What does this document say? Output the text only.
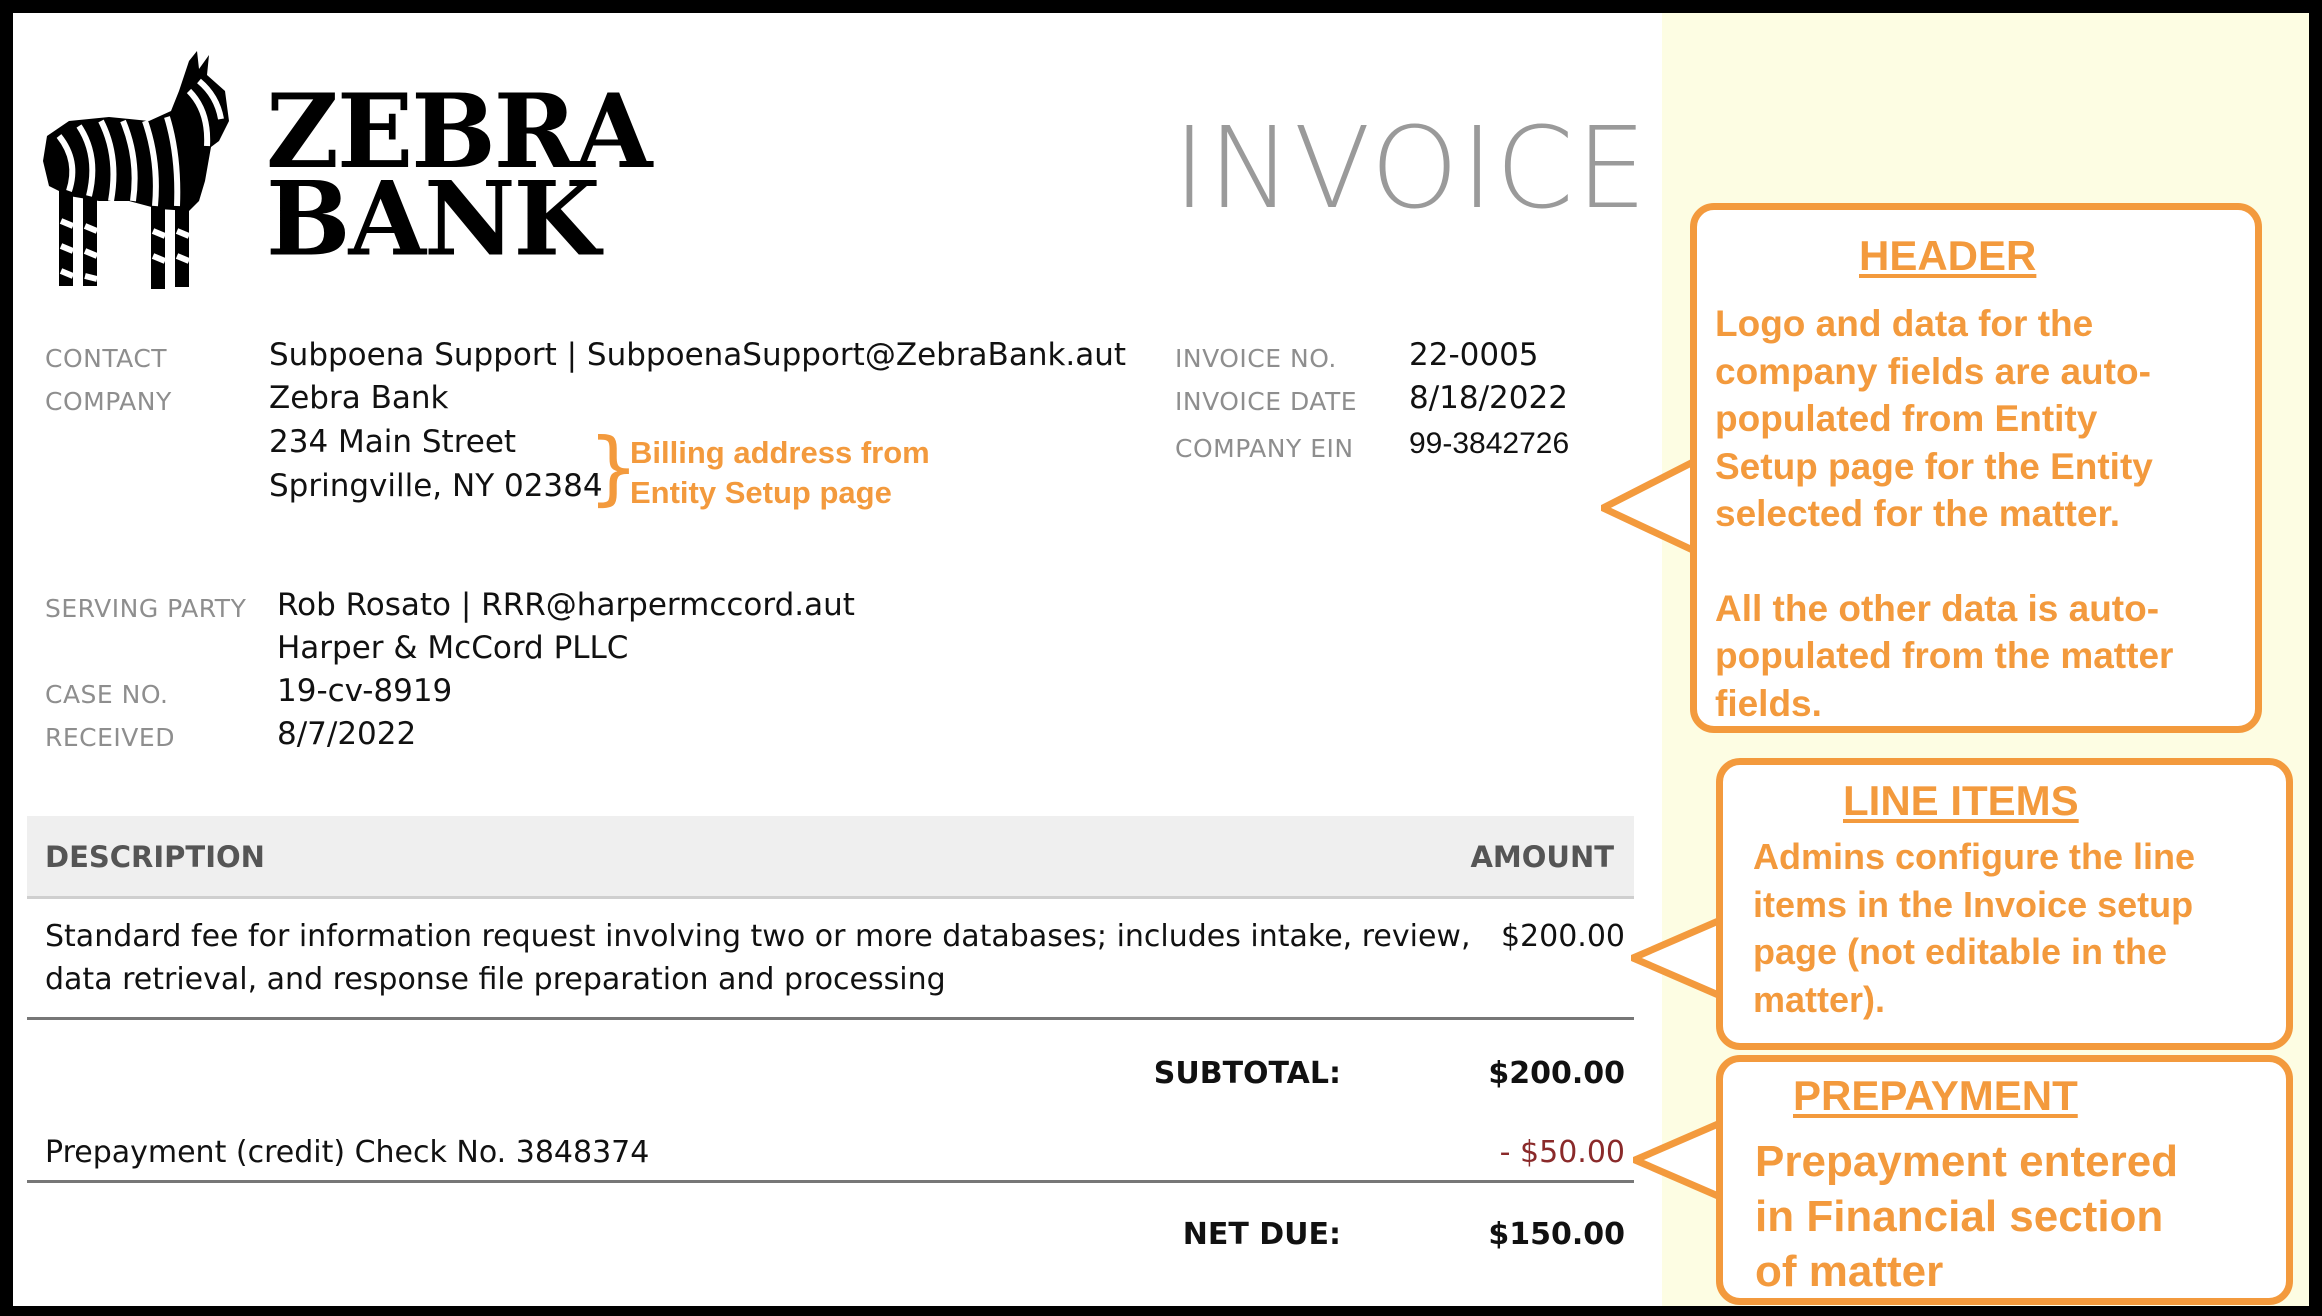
ZEBRA
BANK	INVOICE
CONTACT	Subpoena Support | SubpoenaSupport@ZebraBank.aut
COMPANY	Zebra Bank
234 Main Street
Springville, NY 02384
}
Billing address from
Entity Setup page
INVOICE NO. 22-0005
INVOICE DATE 8/18/2022
COMPANY EIN 99-3842726
SERVING PARTY Rob Rosato | RRR@harpermccord.aut
Harper & McCord PLLC
CASE NO.	19-cv-8919
RECEIVED	8/7/2022
DESCRIPTION	AMOUNT
Standard fee for information request involving two or more databases; includes intake, review,
data retrieval, and response file preparation and processing
$200.00
SUBTOTAL:	$200.00
Prepayment (credit) Check No. 3848374	- $50.00
NET DUE:	$150.00
HEADER
Logo and data for the
company fields are auto-
populated from Entity
Setup page for the Entity
selected for the matter.
All the other data is auto-
populated from the matter
fields.
LINE ITEMS
Admins configure the line
items in the Invoice setup
page (not editable in the
matter).
PREPAYMENT
Prepayment entered
in Financial section
of matter
